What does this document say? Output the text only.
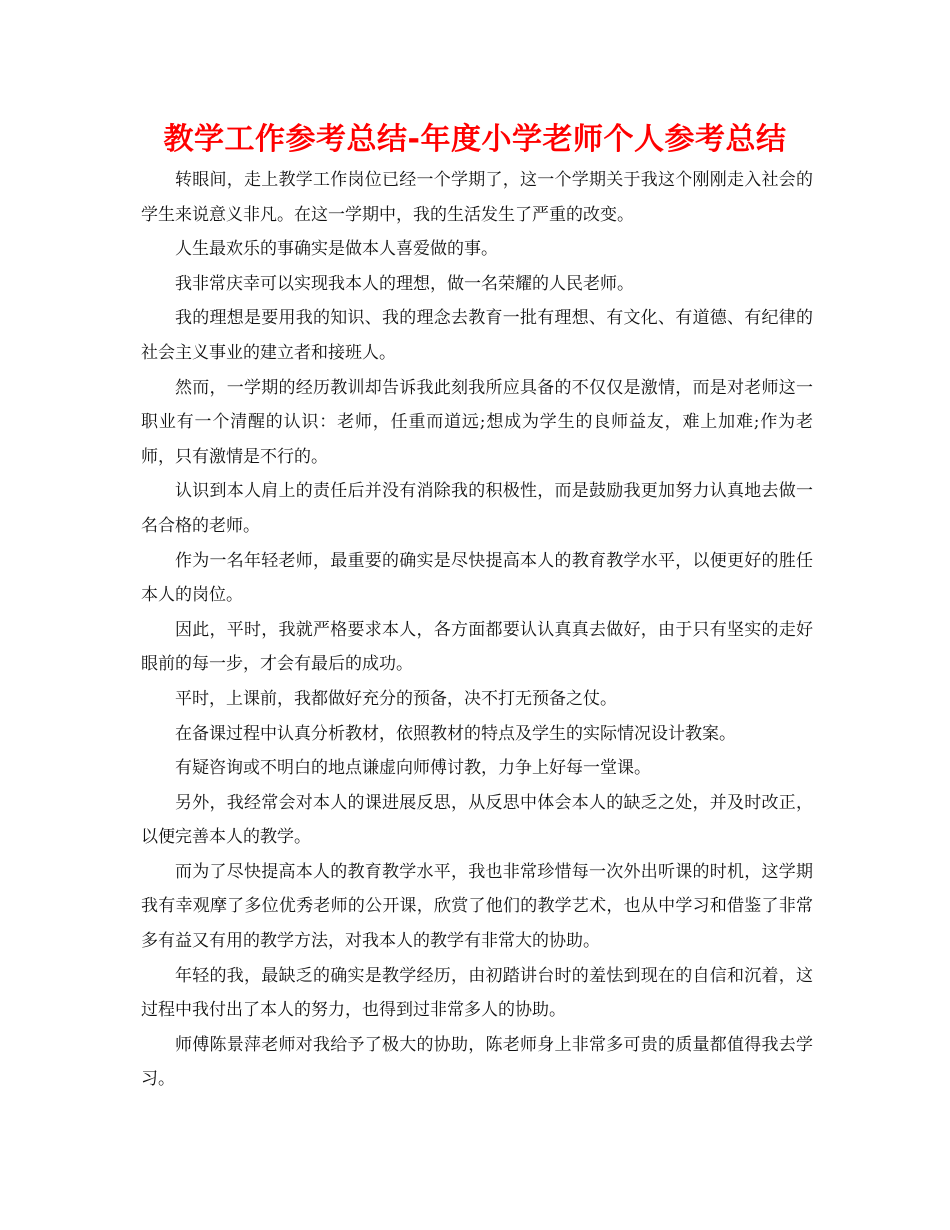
教学工作参考总结-年度小学老师个人参考总结

转眼间，走上教学工作岗位已经一个学期了，这一个学期关于我这个刚刚走入社会的学生来说意义非凡。在这一学期中，我的生活发生了严重的改变。

人生最欢乐的事确实是做本人喜爱做的事。

我非常庆幸可以实现我本人的理想，做一名荣耀的人民老师。

我的理想是要用我的知识、我的理念去教育一批有理想、有文化、有道德、有纪律的社会主义事业的建立者和接班人。

然而，一学期的经历教训却告诉我此刻我所应具备的不仅仅是激情，而是对老师这一职业有一个清醒的认识：老师，任重而道远;想成为学生的良师益友，难上加难;作为老师，只有激情是不行的。

认识到本人肩上的责任后并没有消除我的积极性，而是鼓励我更加努力认真地去做一名合格的老师。

作为一名年轻老师，最重要的确实是尽快提高本人的教育教学水平，以便更好的胜任本人的岗位。

因此，平时，我就严格要求本人，各方面都要认认真真去做好，由于只有坚实的走好眼前的每一步，才会有最后的成功。

平时，上课前，我都做好充分的预备，决不打无预备之仗。

在备课过程中认真分析教材，依照教材的特点及学生的实际情况设计教案。

有疑咨询或不明白的地点谦虚向师傅讨教，力争上好每一堂课。

另外，我经常会对本人的课进展反思，从反思中体会本人的缺乏之处，并及时改正，以便完善本人的教学。

而为了尽快提高本人的教育教学水平，我也非常珍惜每一次外出听课的时机，这学期我有幸观摩了多位优秀老师的公开课，欣赏了他们的教学艺术，也从中学习和借鉴了非常多有益又有用的教学方法，对我本人的教学有非常大的协助。

年轻的我，最缺乏的确实是教学经历，由初踏讲台时的羞怯到现在的自信和沉着，这过程中我付出了本人的努力，也得到过非常多人的协助。

师傅陈景萍老师对我给予了极大的协助，陈老师身上非常多可贵的质量都值得我去学习。
